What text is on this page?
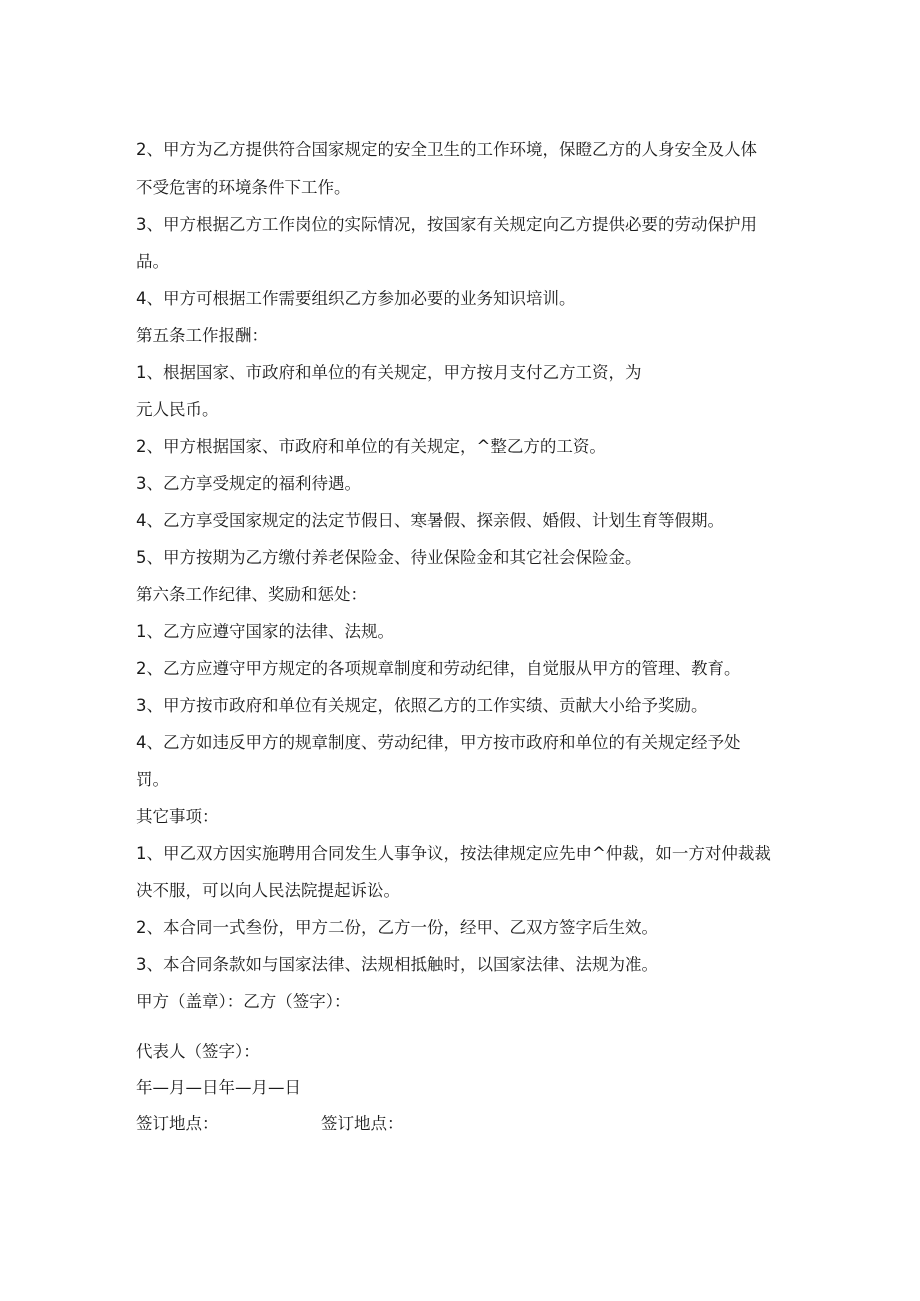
2、甲方为乙方提供符合国家规定的安全卫生的工作环境，保瞪乙方的人身安全及人体
不受危害的环境条件下工作。
3、甲方根据乙方工作岗位的实际情况，按国家有关规定向乙方提供必要的劳动保护用
品。
4、甲方可根据工作需要组织乙方参加必要的业务知识培训。
第五条工作报酬：
1、根据国家、市政府和单位的有关规定，甲方按月支付乙方工资，为
元人民币。
2、甲方根据国家、市政府和单位的有关规定，^整乙方的工资。
3、乙方享受规定的福利待遇。
4、乙方享受国家规定的法定节假日、寒暑假、探亲假、婚假、计划生育等假期。
5、甲方按期为乙方缴付养老保险金、待业保险金和其它社会保险金。
第六条工作纪律、奖励和惩处：
1、乙方应遵守国家的法律、法规。
2、乙方应遵守甲方规定的各项规章制度和劳动纪律，自觉服从甲方的管理、教育。
3、甲方按市政府和单位有关规定，依照乙方的工作实绩、贡献大小给予奖励。
4、乙方如违反甲方的规章制度、劳动纪律，甲方按市政府和单位的有关规定经予处
罚。
其它事项：
1、甲乙双方因实施聘用合同发生人事争议，按法律规定应先申^仲裁，如一方对仲裁裁
决不服，可以向人民法院提起诉讼。
2、本合同一式叁份，甲方二份，乙方一份，经甲、乙双方签字后生效。
3、本合同条款如与国家法律、法规相抵触时，以国家法律、法规为准。
甲方（盖章）：乙方（签字）：
代表人（签字）：
年—月—日年—月—日
签订地点：	签订地点：
